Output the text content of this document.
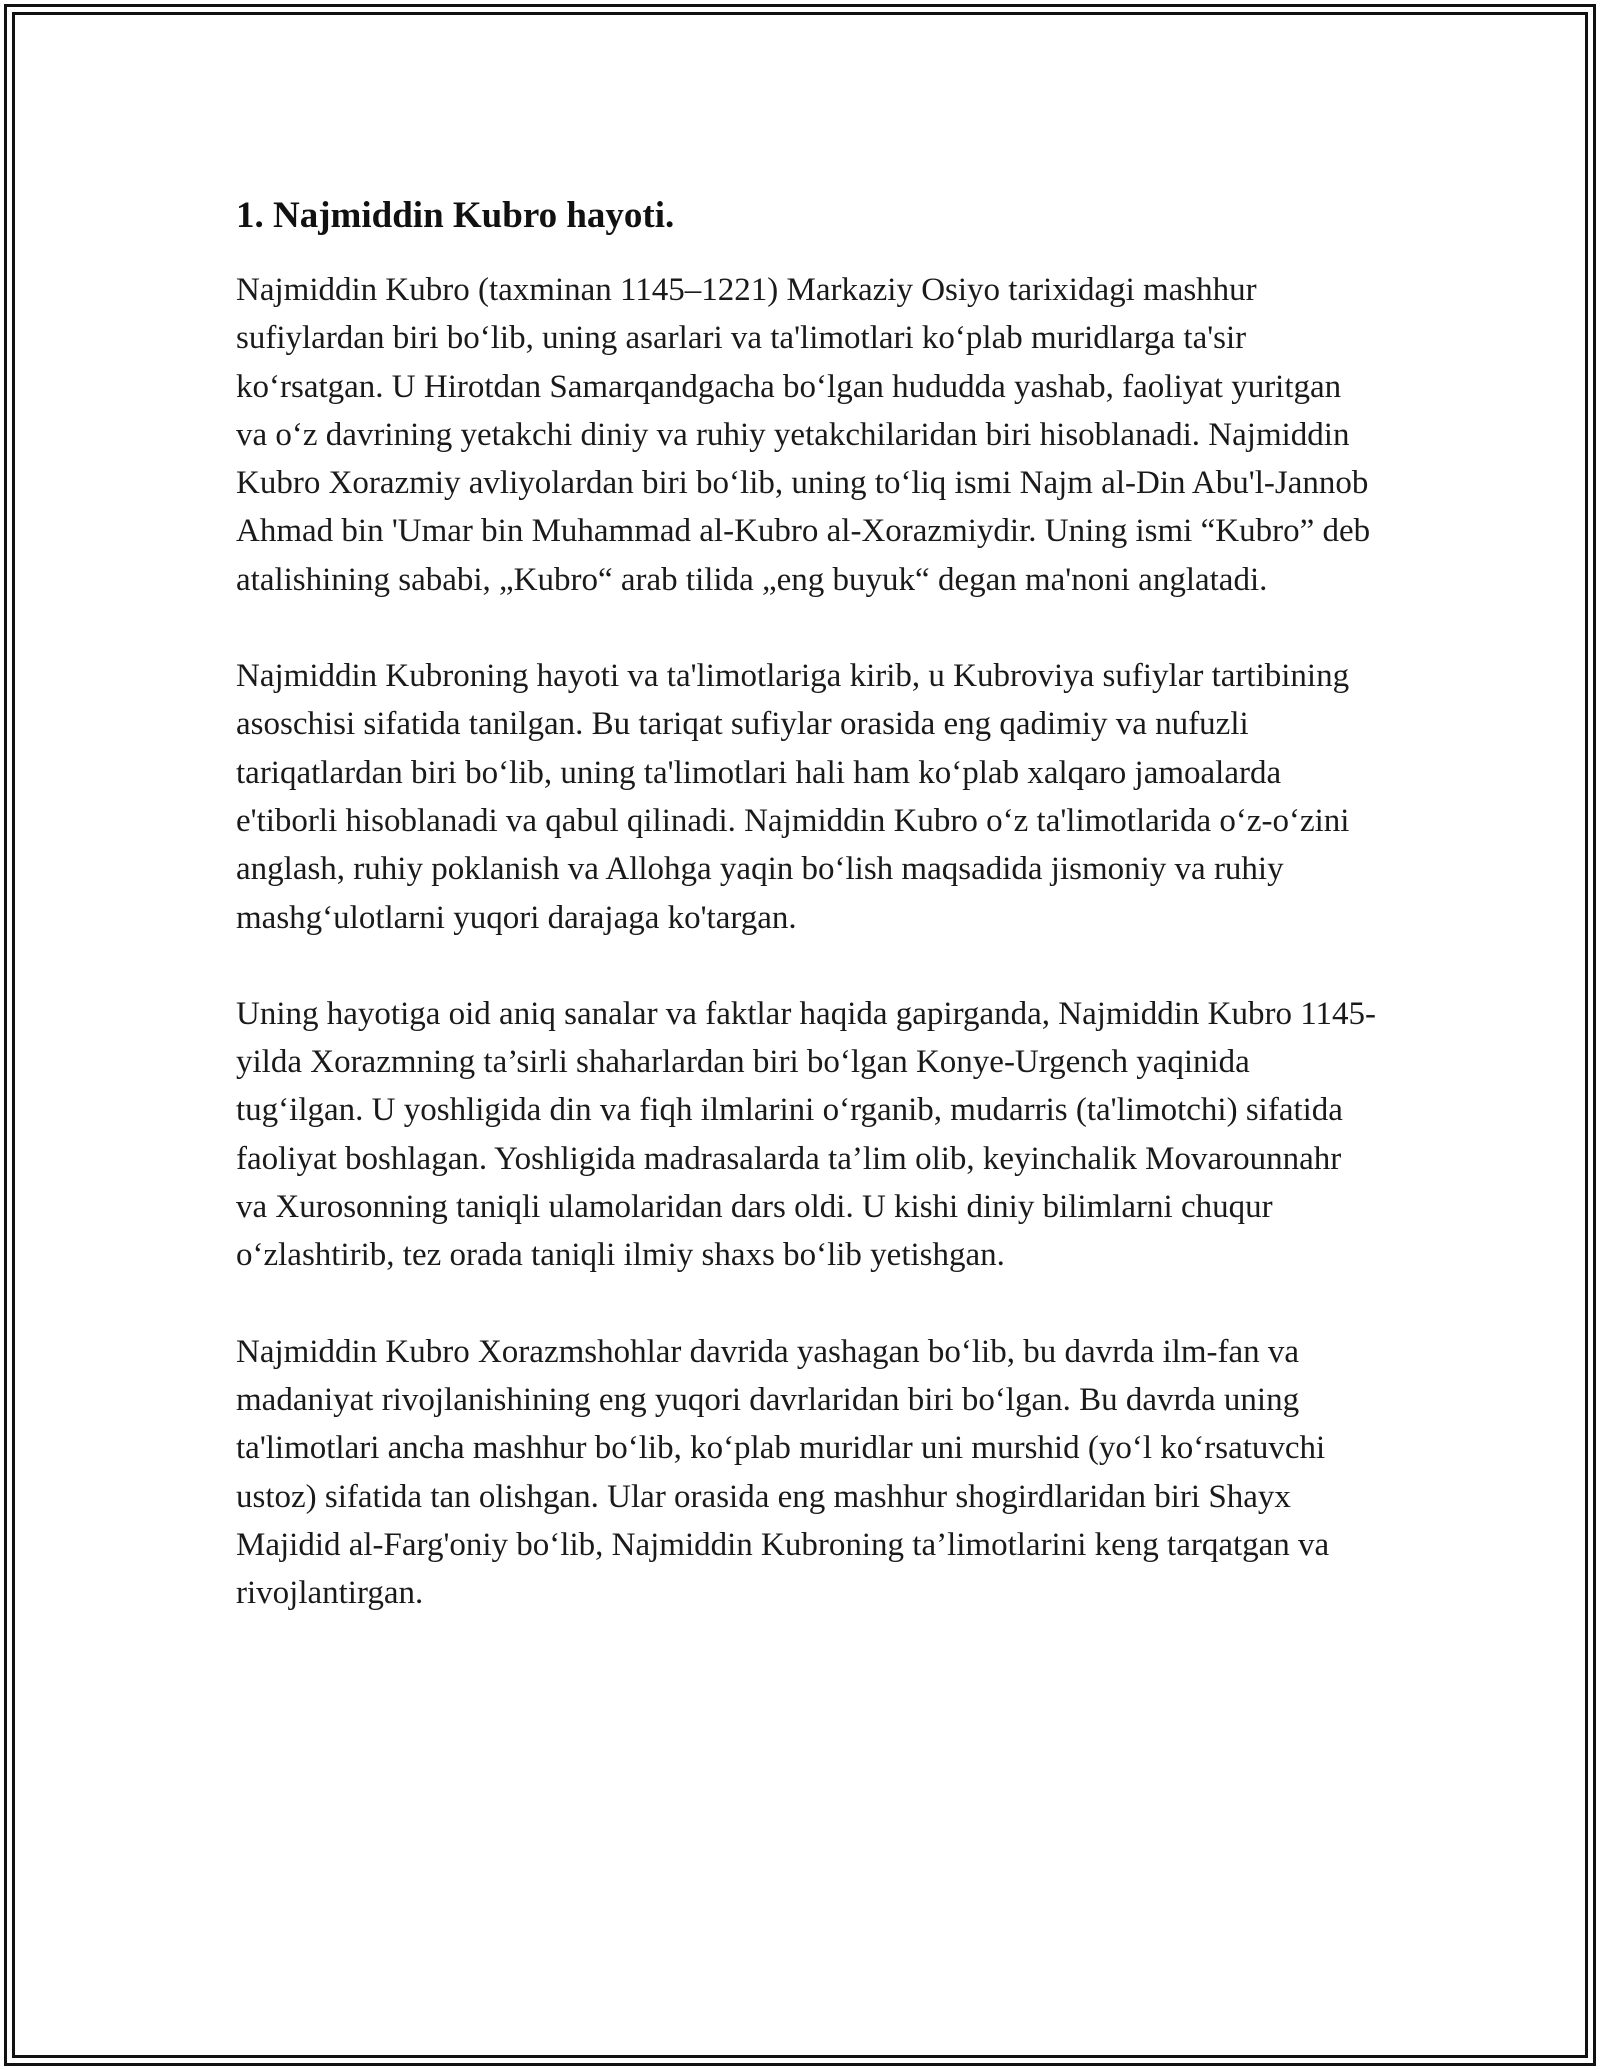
1. Najmiddin Kubro hayoti.

Najmiddin Kubro (taxminan 1145–1221) Markaziy Osiyo tarixidagi mashhur sufiylardan biri boʻlib, uning asarlari va ta'limotlari koʻplab muridlarga ta'sir koʻrsatgan. U Hirotdan Samarqandgacha boʻlgan hududda yashab, faoliyat yuritgan va oʻz davrining yetakchi diniy va ruhiy yetakchilaridan biri hisoblanadi. Najmiddin Kubro Xorazmiy avliyolardan biri boʻlib, uning toʻliq ismi Najm al-Din Abu'l-Jannob Ahmad bin 'Umar bin Muhammad al-Kubro al-Xorazmiydir. Uning ismi “Kubro” deb atalishining sababi, „Kubro“ arab tilida „eng buyuk“ degan ma'noni anglatadi.

Najmiddin Kubroning hayoti va ta'limotlariga kirib, u Kubroviya sufiylar tartibining asoschisi sifatida tanilgan. Bu tariqat sufiylar orasida eng qadimiy va nufuzli tariqatlardan biri boʻlib, uning ta'limotlari hali ham koʻplab xalqaro jamoalarda e'tiborli hisoblanadi va qabul qilinadi. Najmiddin Kubro oʻz ta'limotlarida oʻz-oʻzini anglash, ruhiy poklanish va Allohga yaqin boʻlish maqsadida jismoniy va ruhiy mashgʻulotlarni yuqori darajaga ko'targan.

Uning hayotiga oid aniq sanalar va faktlar haqida gapirganda, Najmiddin Kubro 1145-yilda Xorazmning ta’sirli shaharlardan biri boʻlgan Konye-Urgench yaqinida tugʻilgan. U yoshligida din va fiqh ilmlarini oʻrganib, mudarris (ta'limotchi) sifatida faoliyat boshlagan. Yoshligida madrasalarda ta’lim olib, keyinchalik Movarounnahr va Xurosonning taniqli ulamolaridan dars oldi. U kishi diniy bilimlarni chuqur oʻzlashtirib, tez orada taniqli ilmiy shaxs boʻlib yetishgan.

Najmiddin Kubro Xorazmshohlar davrida yashagan boʻlib, bu davrda ilm-fan va madaniyat rivojlanishining eng yuqori davrlaridan biri boʻlgan. Bu davrda uning ta'limotlari ancha mashhur boʻlib, koʻplab muridlar uni murshid (yoʻl koʻrsatuvchi ustoz) sifatida tan olishgan. Ular orasida eng mashhur shogirdlaridan biri Shayx Majidid al-Farg'oniy boʻlib, Najmiddin Kubroning ta’limotlarini keng tarqatgan va rivojlantirgan.
